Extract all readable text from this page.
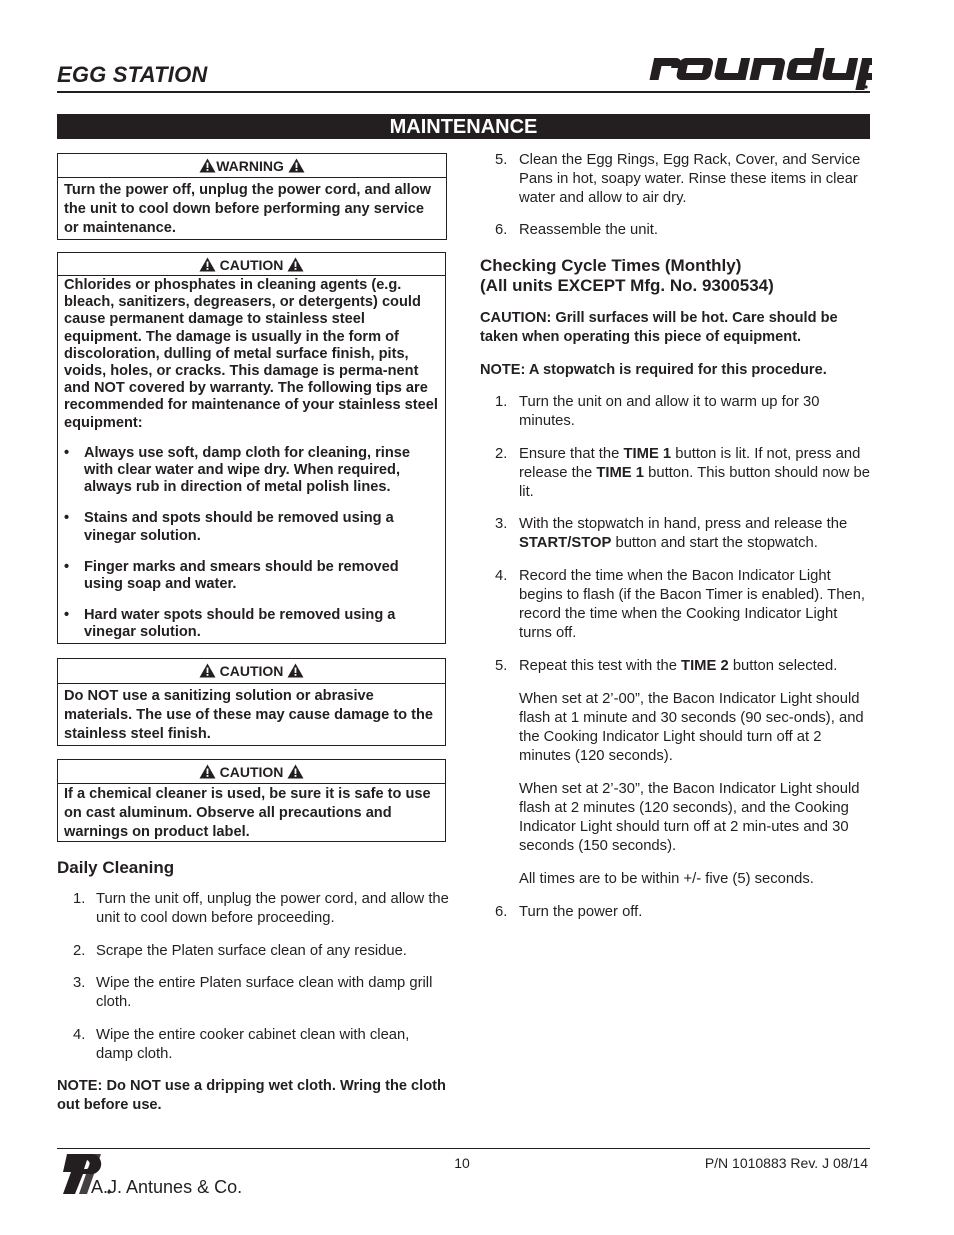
EGG STATION
MAINTENANCE
WARNING
Turn the power off, unplug the power cord, and allow the unit to cool down before performing any service or maintenance.
CAUTION
Chlorides or phosphates in cleaning agents (e.g. bleach, sanitizers, degreasers, or detergents) could cause permanent damage to stainless steel equipment. The damage is usually in the form of discoloration, dulling of metal surface finish, pits, voids, holes, or cracks. This damage is perma-nent and NOT covered by warranty. The following tips are recommended for maintenance of your stainless steel equipment:
• Always use soft, damp cloth for cleaning, rinse with clear water and wipe dry. When required, always rub in direction of metal polish lines.
• Stains and spots should be removed using a vinegar solution.
• Finger marks and smears should be removed using soap and water.
• Hard water spots should be removed using a vinegar solution.
CAUTION
Do NOT use a sanitizing solution or abrasive materials. The use of these may cause damage to the stainless steel finish.
CAUTION
If a chemical cleaner is used, be sure it is safe to use on cast aluminum. Observe all precautions and warnings on product label.
Daily Cleaning
1. Turn the unit off, unplug the power cord, and allow the unit to cool down before proceeding.
2. Scrape the Platen surface clean of any residue.
3. Wipe the entire Platen surface clean with damp grill cloth.
4. Wipe the entire cooker cabinet clean with clean, damp cloth.
NOTE: Do NOT use a dripping wet cloth. Wring the cloth out before use.
5. Clean the Egg Rings, Egg Rack, Cover, and Service Pans in hot, soapy water. Rinse these items in clear water and allow to air dry.
6. Reassemble the unit.
Checking Cycle Times (Monthly)
(All units EXCEPT Mfg. No. 9300534)
CAUTION: Grill surfaces will be hot. Care should be taken when operating this piece of equipment.
NOTE: A stopwatch is required for this procedure.
1. Turn the unit on and allow it to warm up for 30 minutes.
2. Ensure that the TIME 1 button is lit. If not, press and release the TIME 1 button. This button should now be lit.
3. With the stopwatch in hand, press and release the START/STOP button and start the stopwatch.
4. Record the time when the Bacon Indicator Light begins to flash (if the Bacon Timer is enabled). Then, record the time when the Cooking Indicator Light turns off.
5. Repeat this test with the TIME 2 button selected.
When set at 2’-00”, the Bacon Indicator Light should flash at 1 minute and 30 seconds (90 sec-onds), and the Cooking Indicator Light should turn off at 2 minutes (120 seconds).
When set at 2’-30”, the Bacon Indicator Light should flash at 2 minutes (120 seconds), and the Cooking Indicator Light should turn off at 2 min-utes and 30 seconds (150 seconds).
All times are to be within +/- five (5) seconds.
6. Turn the power off.
A.J. Antunes & Co.
10	P/N 1010883 Rev. J 08/14
